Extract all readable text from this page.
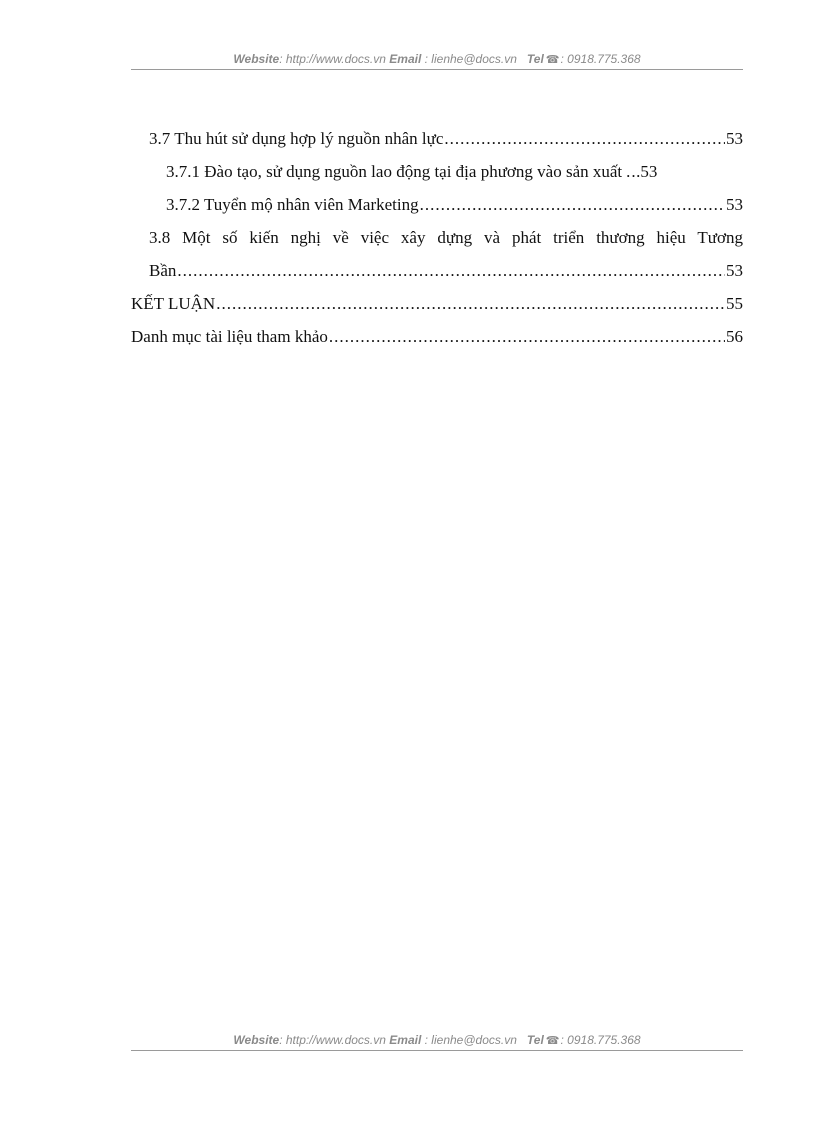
Website: http://www.docs.vn Email : lienhe@docs.vn Tel ☎: 0918.775.368
3.7 Thu hút sử dụng hợp lý nguồn nhân lực .....	53
3.7.1 Đào tạo, sử dụng nguồn lao động tại địa phương vào sản xuất ..... .53
3.7.2 Tuyển mộ nhân viên Marketing .....	53
3.8 Một số kiến nghị về việc xây dựng và phát triển thương hiệu Tương
Bần .....	53
KẾT LUẬN .....	55
Danh mục tài liệu tham khảo .....	56
Website: http://www.docs.vn Email : lienhe@docs.vn Tel ☎: 0918.775.368
